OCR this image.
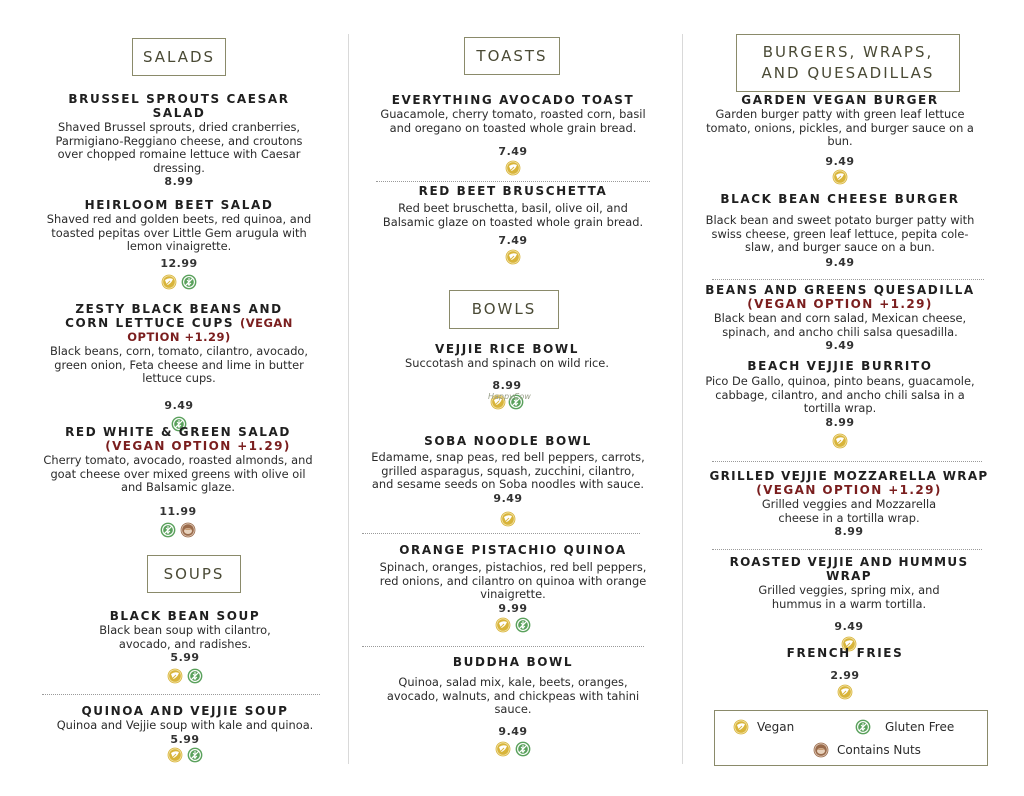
SALADS
BRUSSEL SPROUTS CAESAR SALAD
Shaved Brussel sprouts, dried cranberries, Parmigiano-Reggiano cheese, and croutons over chopped romaine lettuce with Caesar dressing.
8.99
HEIRLOOM BEET SALAD
Shaved red and golden beets, red quinoa, and toasted pepitas over Little Gem arugula with lemon vinaigrette.
12.99
ZESTY BLACK BEANS AND
CORN LETTUCE CUPS (VEGAN OPTION +1.29)
Black beans, corn, tomato, cilantro, avocado, green onion, Feta cheese and lime in butter lettuce cups.
9.49
RED WHITE & GREEN SALAD
(VEGAN OPTION +1.29)
Cherry tomato, avocado, roasted almonds, and goat cheese over mixed greens with olive oil and Balsamic glaze.
11.99
SOUPS
BLACK BEAN SOUP
Black bean soup with cilantro, avocado, and radishes.
5.99
QUINOA AND VEJJIE SOUP
Quinoa and Vejjie soup with kale and quinoa.
5.99
TOASTS
EVERYTHING AVOCADO TOAST
Guacamole, cherry tomato, roasted corn, basil and oregano on toasted whole grain bread.
7.49
RED BEET BRUSCHETTA
Red beet bruschetta, basil, olive oil, and Balsamic glaze on toasted whole grain bread.
7.49
BOWLS
VEJJIE RICE BOWL
Succotash and spinach on wild rice.
8.99
HappyCow
SOBA NOODLE BOWL
Edamame, snap peas, red bell peppers, carrots, grilled asparagus, squash, zucchini, cilantro, and sesame seeds on Soba noodles with sauce.
9.49
ORANGE PISTACHIO QUINOA
Spinach, oranges, pistachios, red bell peppers, red onions, and cilantro on quinoa with orange vinaigrette.
9.99
BUDDHA BOWL
Quinoa, salad mix, kale, beets, oranges, avocado, walnuts, and chickpeas with tahini sauce.
9.49
BURGERS, WRAPS,
AND QUESADILLAS
GARDEN VEGAN BURGER
Garden burger patty with green leaf lettuce tomato, onions, pickles, and burger sauce on a bun.
9.49
BLACK BEAN CHEESE BURGER
Black bean and sweet potato burger patty with swiss cheese, green leaf lettuce, pepita cole-slaw, and burger sauce on a bun.
9.49
BEANS AND GREENS QUESADILLA
(VEGAN OPTION +1.29)
Black bean and corn salad, Mexican cheese, spinach, and ancho chili salsa quesadilla.
9.49
BEACH VEJJIE BURRITO
Pico De Gallo, quinoa, pinto beans, guacamole, cabbage, cilantro, and ancho chili salsa in a tortilla wrap.
8.99
GRILLED VEJJIE MOZZARELLA WRAP
(VEGAN OPTION +1.29)
Grilled veggies and Mozzarella cheese in a tortilla wrap.
8.99
ROASTED VEJJIE AND HUMMUS WRAP
Grilled veggies, spring mix, and hummus in a warm tortilla.
9.49
FRENCH FRIES
2.99
Vegan	Gluten Free
Contains Nuts
